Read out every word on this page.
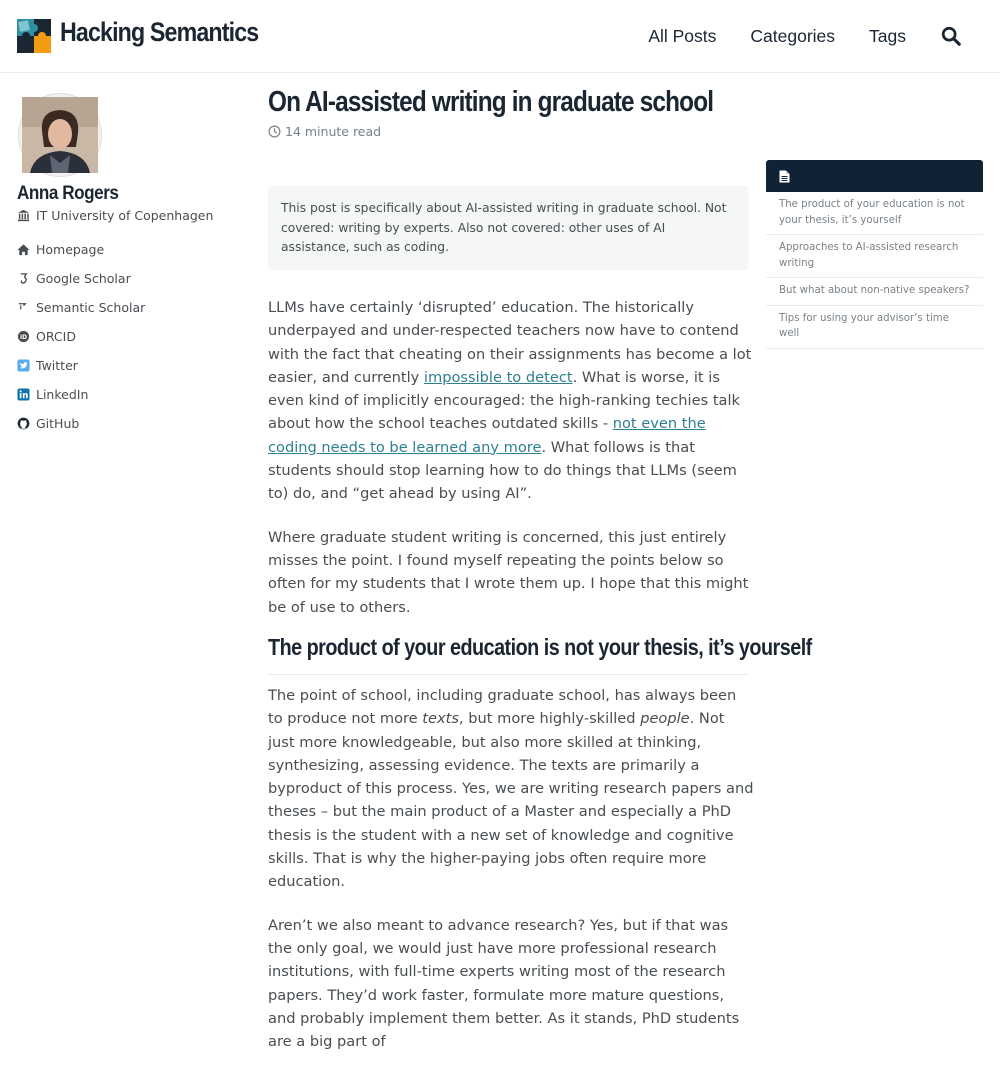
Hacking Semantics	All Posts Categories Tags
Anna Rogers
IT University of Copenhagen
Homepage
Google Scholar
Semantic Scholar
iD ORCID
Twitter
LinkedIn
GitHub
On AI-assisted writing in graduate school
14 minute read
This post is specifically about AI-assisted writing in graduate school. Not covered: writing by experts. Also not covered: other uses of AI assistance, such as coding.

LLMs have certainly ‘disrupted’ education. The historically underpayed and under-respected teachers now have to contend with the fact that cheating on their assignments has become a lot easier, and currently impossible to detect. What is worse, it is even kind of implicitly encouraged: the high-ranking techies talk about how the school teaches outdated skills - not even the coding needs to be learned any more. What follows is that students should stop learning how to do things that LLMs (seem to) do, and “get ahead by using AI”.

Where graduate student writing is concerned, this just entirely misses the point. I found myself repeating the points below so often for my students that I wrote them up. I hope that this might be of use to others.

The product of your education is not your thesis, it’s yourself

The point of school, including graduate school, has always been to produce not more texts, but more highly-skilled people. Not just more knowledgeable, but also more skilled at thinking, synthesizing, assessing evidence. The texts are primarily a byproduct of this process. Yes, we are writing research papers and theses – but the main product of a Master and especially a PhD thesis is the student with a new set of knowledge and cognitive skills. That is why the higher-paying jobs often require more education.

Aren’t we also meant to advance research? Yes, but if that was the only goal, we would just have more professional research institutions, with full-time experts writing most of the research papers. They’d work faster, formulate more mature questions, and probably implement them better. As it stands, PhD students are a big part of

The product of your education is not your thesis, it’s yourself
Approaches to AI-assisted research writing
But what about non-native speakers?
Tips for using your advisor’s time well
